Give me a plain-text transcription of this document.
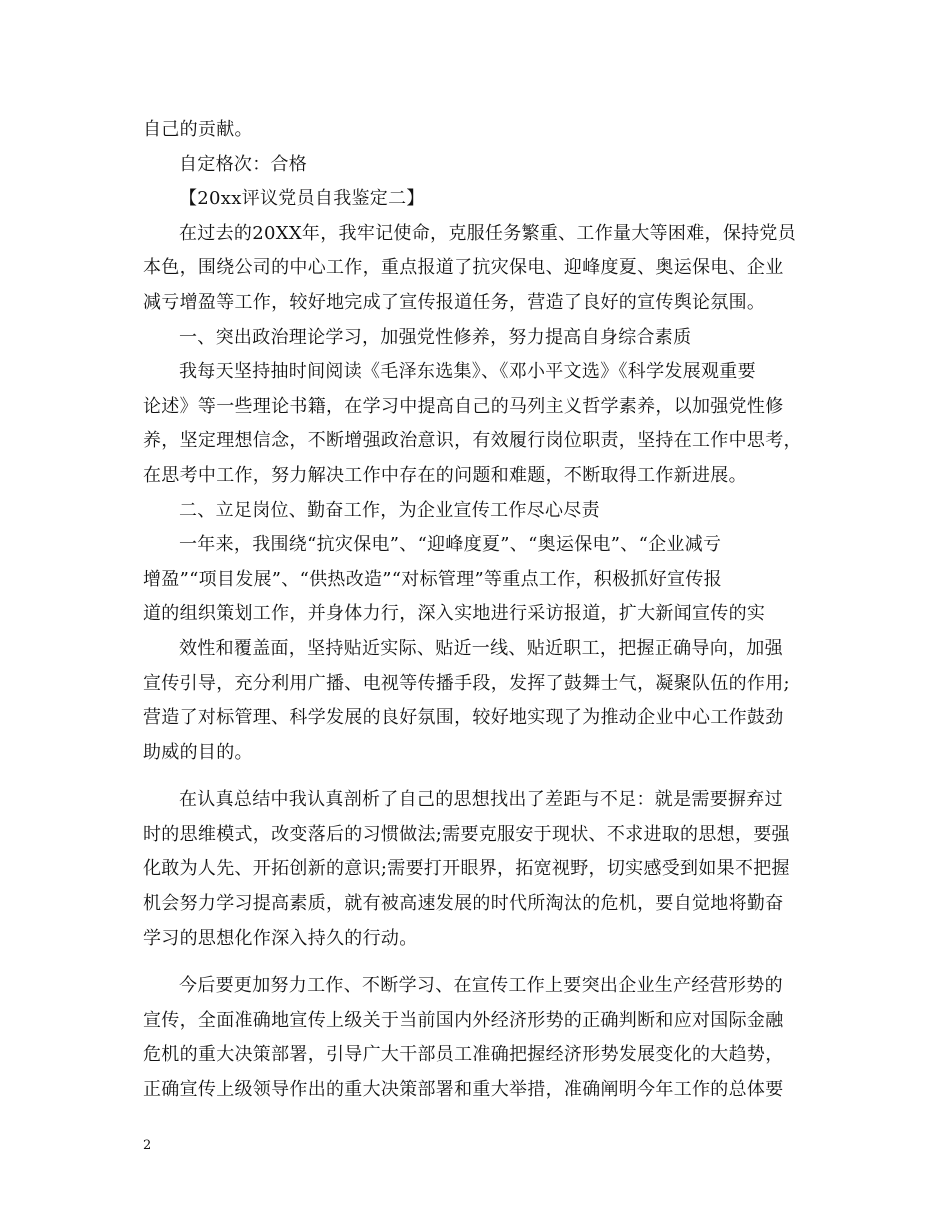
自己的贡献。
自定格次：合格
【20xx评议党员自我鉴定二】
在过去的20XX年，我牢记使命，克服任务繁重、工作量大等困难，保持党员
本色，围绕公司的中心工作，重点报道了抗灾保电、迎峰度夏、奥运保电、企业
减亏增盈等工作，较好地完成了宣传报道任务，营造了良好的宣传舆论氛围。
一、突出政治理论学习，加强党性修养，努力提高自身综合素质
我每天坚持抽时间阅读《毛泽东选集》、《邓小平文选》《科学发展观重要
论述》等一些理论书籍，在学习中提高自己的马列主义哲学素养，以加强党性修
养，坚定理想信念，不断增强政治意识，有效履行岗位职责，坚持在工作中思考，
在思考中工作，努力解决工作中存在的问题和难题，不断取得工作新进展。
二、立足岗位、勤奋工作，为企业宣传工作尽心尽责
一年来，我围绕“抗灾保电”、“迎峰度夏”、“奥运保电”、“企业减亏
增盈”“项目发展”、“供热改造”“对标管理”等重点工作，积极抓好宣传报
道的组织策划工作，并身体力行，深入实地进行采访报道，扩大新闻宣传的实
效性和覆盖面，坚持贴近实际、贴近一线、贴近职工，把握正确导向，加强
宣传引导，充分利用广播、电视等传播手段，发挥了鼓舞士气，凝聚队伍的作用;
营造了对标管理、科学发展的良好氛围，较好地实现了为推动企业中心工作鼓劲
助威的目的。
在认真总结中我认真剖析了自己的思想找出了差距与不足：就是需要摒弃过
时的思维模式，改变落后的习惯做法;需要克服安于现状、不求进取的思想，要强
化敢为人先、开拓创新的意识;需要打开眼界，拓宽视野，切实感受到如果不把握
机会努力学习提高素质，就有被高速发展的时代所淘汰的危机，要自觉地将勤奋
学习的思想化作深入持久的行动。
今后要更加努力工作、不断学习、在宣传工作上要突出企业生产经营形势的
宣传，全面准确地宣传上级关于当前国内外经济形势的正确判断和应对国际金融
危机的重大决策部署，引导广大干部员工准确把握经济形势发展变化的大趋势，
正确宣传上级领导作出的重大决策部署和重大举措，准确阐明今年工作的总体要
2
